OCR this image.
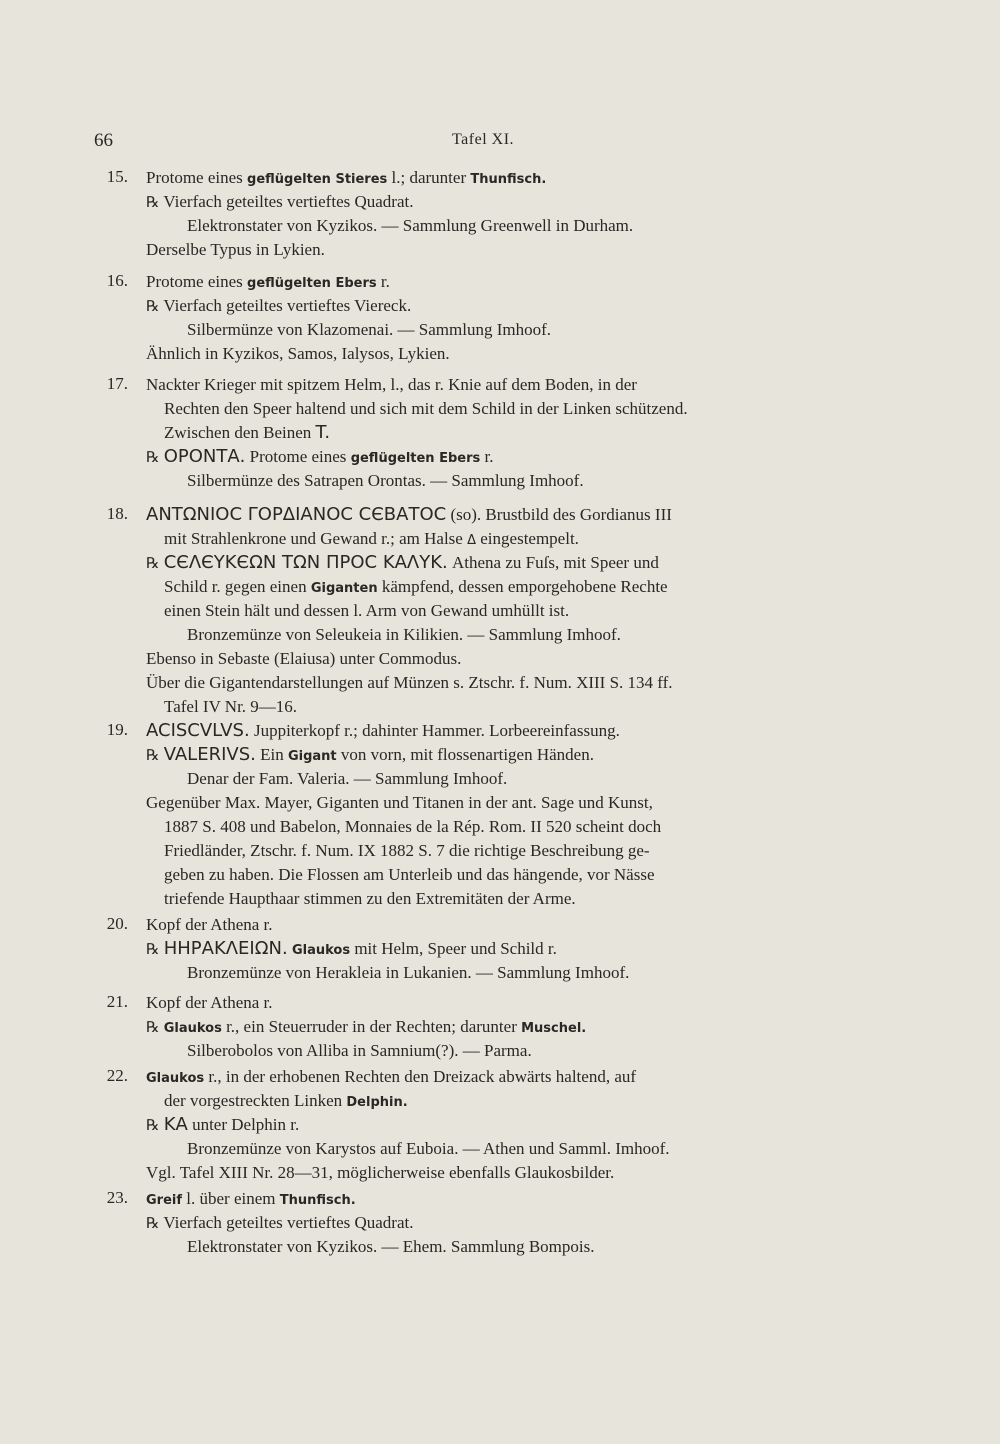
66	Tafel XI.
15. Protome eines geflügelten Stieres l.; darunter Thunfisch.
℞ Vierfach geteiltes vertieftes Quadrat.
Elektronstater von Kyzikos. — Sammlung Greenwell in Durham.
Derselbe Typus in Lykien.
16. Protome eines geflügelten Ebers r.
℞ Vierfach geteiltes vertieftes Viereck.
Silbermünze von Klazomenai. — Sammlung Imhoof.
Ähnlich in Kyzikos, Samos, Ialysos, Lykien.
17. Nackter Krieger mit spitzem Helm, l., das r. Knie auf dem Boden, in der
Rechten den Speer haltend und sich mit dem Schild in der Linken schützend.
Zwischen den Beinen T.
℞ ΟΡΟΝΤΑ. Protome eines geflügelten Ebers r.
Silbermünze des Satrapen Orontas. — Sammlung Imhoof.
18. ΑΝΤΩΝΙΟϹ ΓΟΡΔΙΑΝΟϹ ϹЄΒΑΤΟϹ (so). Brustbild des Gordianus III
mit Strahlenkrone und Gewand r.; am Halse Δ eingestempelt.
℞ ϹЄΛЄΥΚЄΩΝ ΤΩΝ ΠΡΟϹ ΚΑΛΥΚ. Athena zu Fuſs, mit Speer und
Schild r. gegen einen Giganten kämpfend, dessen emporgehobene Rechte
einen Stein hält und dessen l. Arm von Gewand umhüllt ist.
Bronzemünze von Seleukeia in Kilikien. — Sammlung Imhoof.
Ebenso in Sebaste (Elaiusa) unter Commodus.
Über die Gigantendarstellungen auf Münzen s. Ztschr. f. Num. XIII S. 134 ff.
Tafel IV Nr. 9—16.
19. ACISCVLVS. Juppiterkopf r.; dahinter Hammer. Lorbeereinfassung.
℞ VALERIVS. Ein Gigant von vorn, mit flossenartigen Händen.
Denar der Fam. Valeria. — Sammlung Imhoof.
Gegenüber Max. Mayer, Giganten und Titanen in der ant. Sage und Kunst,
1887 S. 408 und Babelon, Monnaies de la Rép. Rom. II 520 scheint doch
Friedländer, Ztschr. f. Num. IX 1882 S. 7 die richtige Beschreibung ge-
geben zu haben. Die Flossen am Unterleib und das hängende, vor Nässe
triefende Haupthaar stimmen zu den Extremitäten der Arme.
20. Kopf der Athena r.
℞ ΗΗΡΑΚΛΕΙΩΝ. Glaukos mit Helm, Speer und Schild r.
Bronzemünze von Herakleia in Lukanien. — Sammlung Imhoof.
21. Kopf der Athena r.
℞ Glaukos r., ein Steuerruder in der Rechten; darunter Muschel.
Silberobolos von Alliba in Samnium(?). — Parma.
22. Glaukos r., in der erhobenen Rechten den Dreizack abwärts haltend, auf
der vorgestreckten Linken Delphin.
℞ ΚΑ unter Delphin r.
Bronzemünze von Karystos auf Euboia. — Athen und Samml. Imhoof.
Vgl. Tafel XIII Nr. 28—31, möglicherweise ebenfalls Glaukosbilder.
23. Greif l. über einem Thunfisch.
℞ Vierfach geteiltes vertieftes Quadrat.
Elektronstater von Kyzikos. — Ehem. Sammlung Bompois.
